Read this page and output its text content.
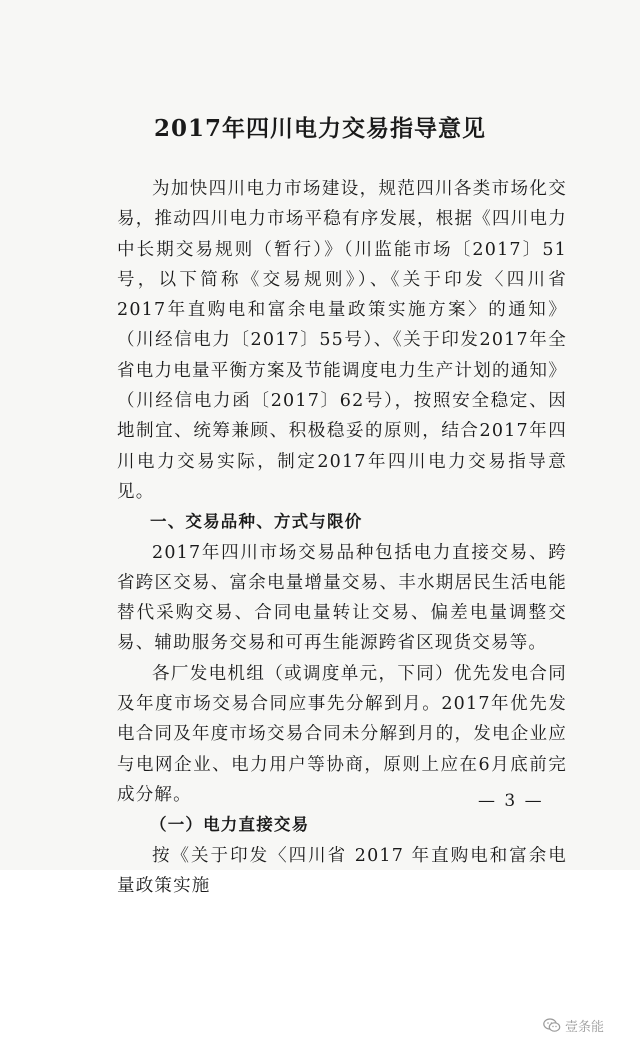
2017年四川电力交易指导意见

为加快四川电力市场建设，规范四川各类市场化交易，推动四川电力市场平稳有序发展，根据《四川电力中长期交易规则（暂行）》（川监能市场〔2017〕51号，以下简称《交易规则》）、《关于印发〈四川省2017年直购电和富余电量政策实施方案〉的通知》（川经信电力〔2017〕55号）、《关于印发2017年全省电力电量平衡方案及节能调度电力生产计划的通知》（川经信电力函〔2017〕62号），按照安全稳定、因地制宜、统筹兼顾、积极稳妥的原则，结合2017年四川电力交易实际，制定2017年四川电力交易指导意见。

一、交易品种、方式与限价

2017年四川市场交易品种包括电力直接交易、跨省跨区交易、富余电量增量交易、丰水期居民生活电能替代采购交易、合同电量转让交易、偏差电量调整交易、辅助服务交易和可再生能源跨省区现货交易等。

各厂发电机组（或调度单元，下同）优先发电合同及年度市场交易合同应事先分解到月。2017年优先发电合同及年度市场交易合同未分解到月的，发电企业应与电网企业、电力用户等协商，原则上应在6月底前完成分解。

（一）电力直接交易

按《关于印发〈四川省 2017 年直购电和富余电量政策实施

— 3 —
壹条能
